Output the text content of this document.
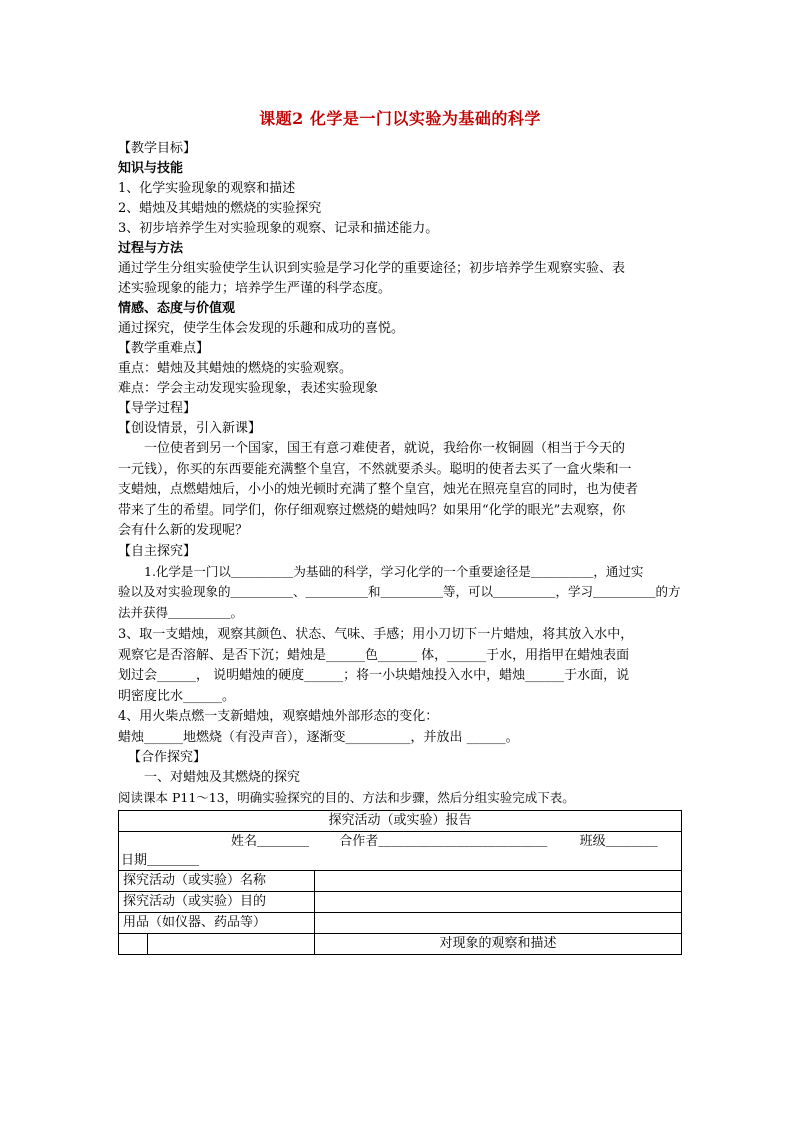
课题2 化学是一门以实验为基础的科学
【教学目标】
知识与技能
1、化学实验现象的观察和描述
2、蜡烛及其蜡烛的燃烧的实验探究
3、初步培养学生对实验现象的观察、记录和描述能力。
过程与方法
通过学生分组实验使学生认识到实验是学习化学的重要途径；初步培养学生观察实验、表
述实验现象的能力；培养学生严谨的科学态度。
情感、态度与价值观
通过探究，使学生体会发现的乐趣和成功的喜悦。
【教学重难点】
重点：蜡烛及其蜡烛的燃烧的实验观察。
难点：学会主动发现实验现象，表述实验现象
【导学过程】
【创设情景，引入新课】
一位使者到另一个国家，国王有意刁难使者，就说，我给你一枚铜圆（相当于今天的
一元钱），你买的东西要能充满整个皇宫，不然就要杀头。聪明的使者去买了一盒火柴和一
支蜡烛，点燃蜡烛后，小小的烛光顿时充满了整个皇宫，烛光在照亮皇宫的同时，也为使者
带来了生的希望。同学们，你仔细观察过燃烧的蜡烛吗？如果用“化学的眼光”去观察，你
会有什么新的发现呢？
【自主探究】
1.化学是一门以＿＿＿＿＿为基础的科学，学习化学的一个重要途径是＿＿＿＿＿，通过实
验以及对实验现象的＿＿＿＿＿、＿＿＿＿＿和＿＿＿＿＿等，可以＿＿＿＿＿，学习＿＿＿＿＿的方
法并获得＿＿＿＿＿。
3、取一支蜡烛，观察其颜色、状态、气味、手感；用小刀切下一片蜡烛，将其放入水中，
观察它是否溶解、是否下沉；蜡烛是______色______ 体，______于水，用指甲在蜡烛表面
划过会______， 说明蜡烛的硬度______；将一小块蜡烛投入水中，蜡烛______于水面，说
明密度比水______。
4、用火柴点燃一支新蜡烛，观察蜡烛外部形态的变化：
蜡烛______地燃烧（有没声音），逐渐变__________，并放出 ______。
【合作探究】
一、对蜡烛及其燃烧的探究
阅读课本 P11～13，明确实验探究的目的、方法和步骤，然后分组实验完成下表。
探究活动（或实验）报告		

姓名＿＿＿＿ 合作者＿＿＿＿＿＿＿＿＿＿＿＿＿ 班级＿＿＿＿
日期＿＿＿＿		

探究活动（或实验）名称		
探究活动（或实验）目的		
用品（如仪器、药品等）		
		对现象的观察和描述
